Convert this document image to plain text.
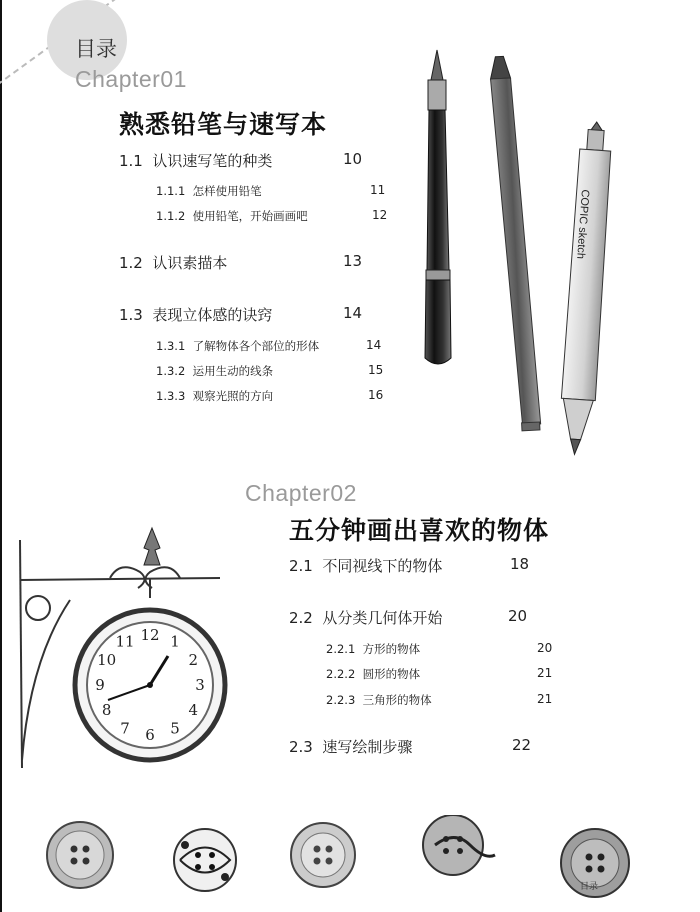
目录
Chapter01
熟悉铅笔与速写本
1.1 认识速写笔的种类	10
1.1.1 怎样使用铅笔	11
1.1.2 使用铅笔，开始画画吧	12
1.2 认识素描本	13
1.3 表现立体感的诀窍	14
1.3.1 了解物体各个部位的形体	14
1.3.2 运用生动的线条	15
1.3.3 观察光照的方向	16
COPIC sketch
Chapter02
五分钟画出喜欢的物体
2.1 不同视线下的物体	18
2.2 从分类几何体开始	20
2.2.1 方形的物体	20
2.2.2 圆形的物体	21
2.2.3 三角形的物体	21
2.3 速写绘制步骤	22
12 1
2
3
4
5
6
7
8
9
10
11
目录
